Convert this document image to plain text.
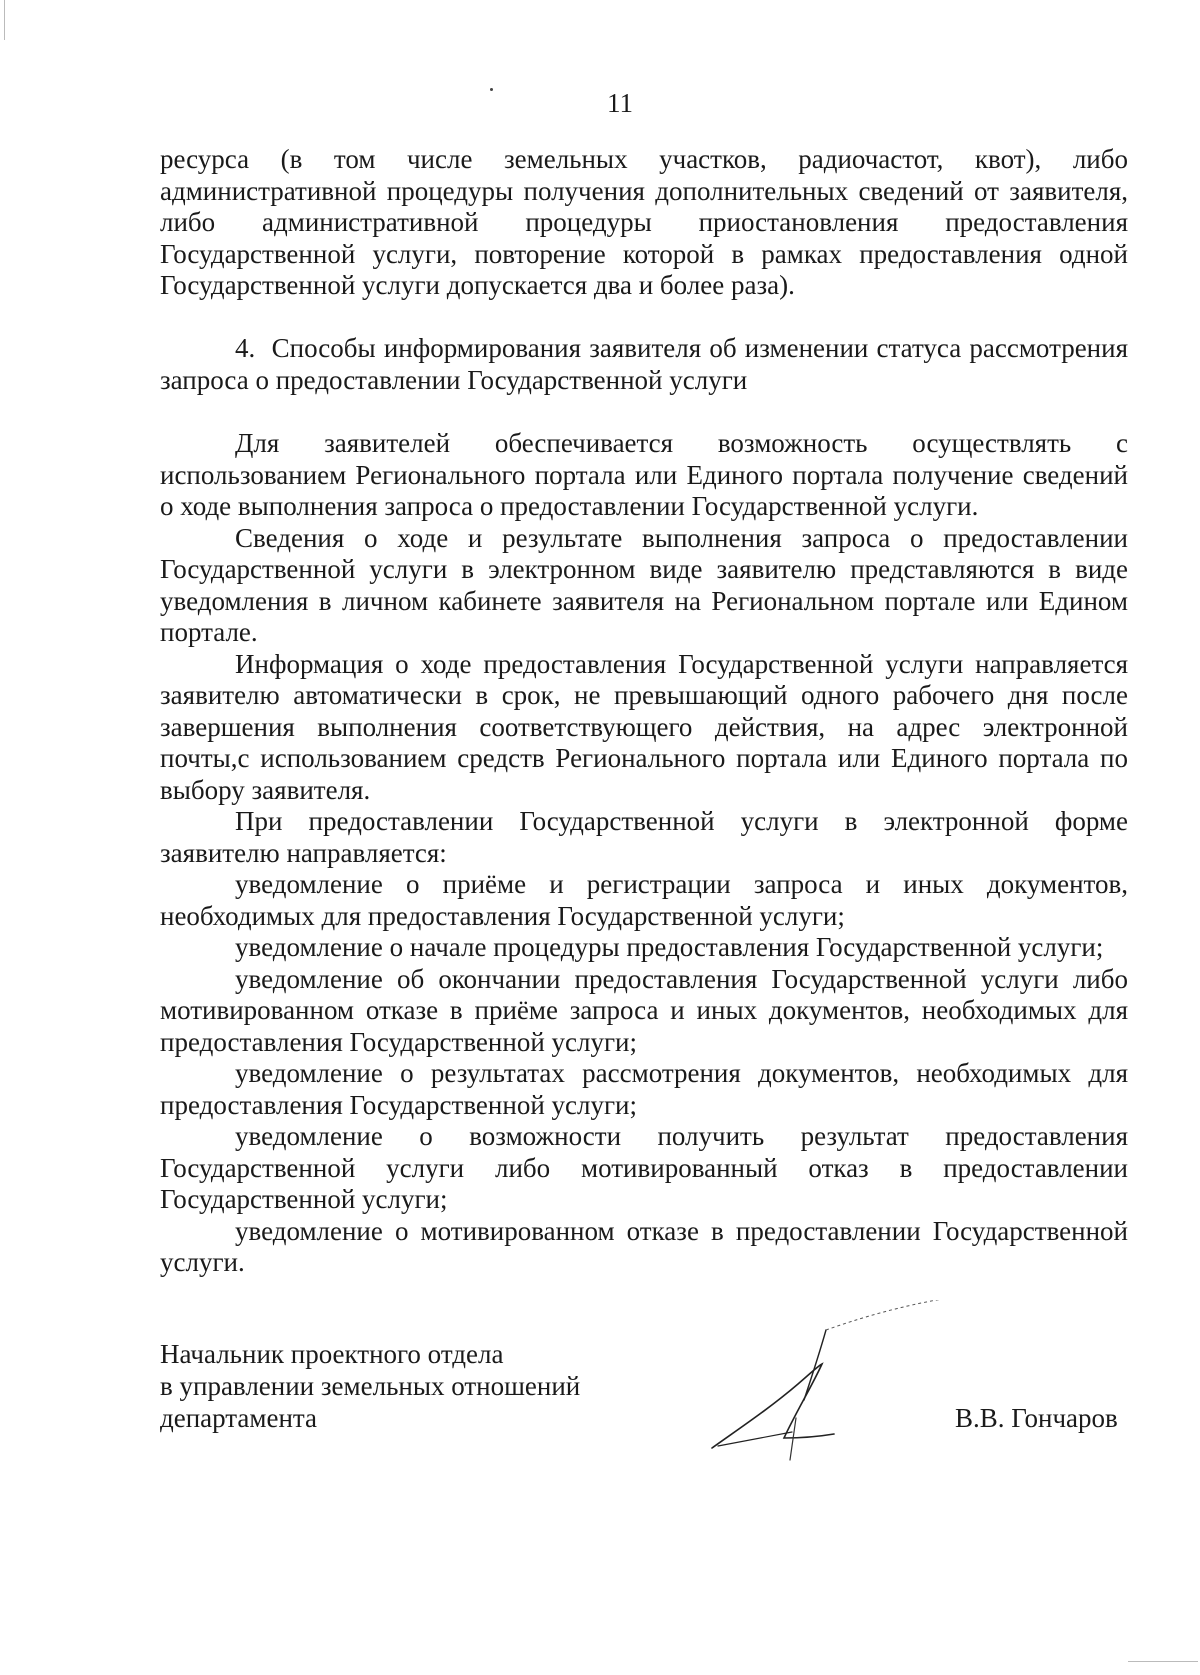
11

ресурса (в том числе земельных участков, радиочастот, квот), либо административной процедуры получения дополнительных сведений от заявителя, либо административной процедуры приостановления предоставления Государственной услуги, повторение которой в рамках предоставления одной Государственной услуги допускается два и более раза).

4.  Способы информирования заявителя об изменении статуса рассмотрения запроса о предоставлении Государственной услуги

Для заявителей обеспечивается возможность осуществлять с использованием Регионального портала или Единого портала получение сведений о ходе выполнения запроса о предоставлении Государственной услуги.

Сведения о ходе и результате выполнения запроса о предоставлении Государственной услуги в электронном виде заявителю представляются в виде уведомления в личном кабинете заявителя на Региональном портале или Едином портале.

Информация о ходе предоставления Государственной услуги направляется заявителю автоматически в срок, не превышающий одного рабочего дня после завершения выполнения соответствующего действия, на адрес электронной почты,с использованием средств Регионального портала или Единого портала по выбору заявителя.

При предоставлении Государственной услуги в электронной форме заявителю направляется:

уведомление о приёме и регистрации запроса и иных документов, необходимых для предоставления Государственной услуги;

уведомление о начале процедуры предоставления Государственной услуги;

уведомление об окончании предоставления Государственной услуги либо мотивированном отказе в приёме запроса и иных документов, необходимых для предоставления Государственной услуги;

уведомление о результатах рассмотрения документов, необходимых для предоставления Государственной услуги;

уведомление о возможности получить результат предоставления Государственной услуги либо мотивированный отказ в предоставлении Государственной услуги;

уведомление о мотивированном отказе в предоставлении Государственной услуги.

Начальник проектного отдела
в управлении земельных отношений
департамента	В.В. Гончаров
